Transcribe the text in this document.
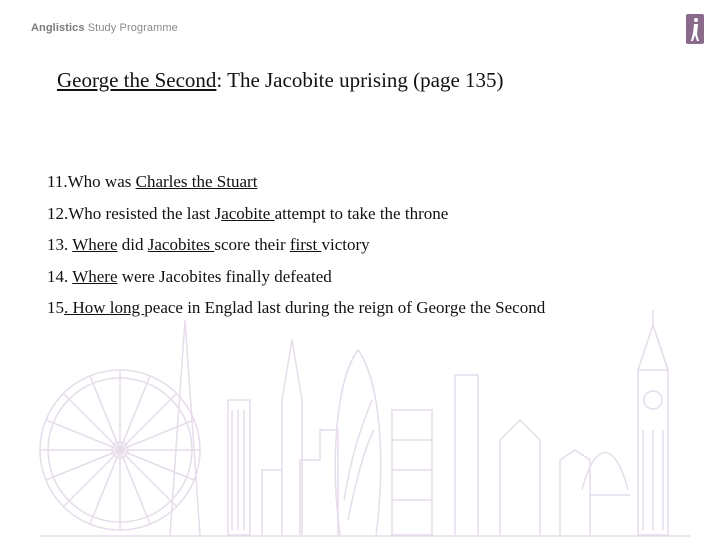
Anglistics Study Programme
George the Second: The Jacobite uprising (page 135)
11.Who was Charles the Stuart
12.Who resisted the last Jacobite attempt to take the throne
13. Where did Jacobites score their first victory
14. Where were Jacobites finally defeated
15. How long peace in Englad last during the reign of George the Second
